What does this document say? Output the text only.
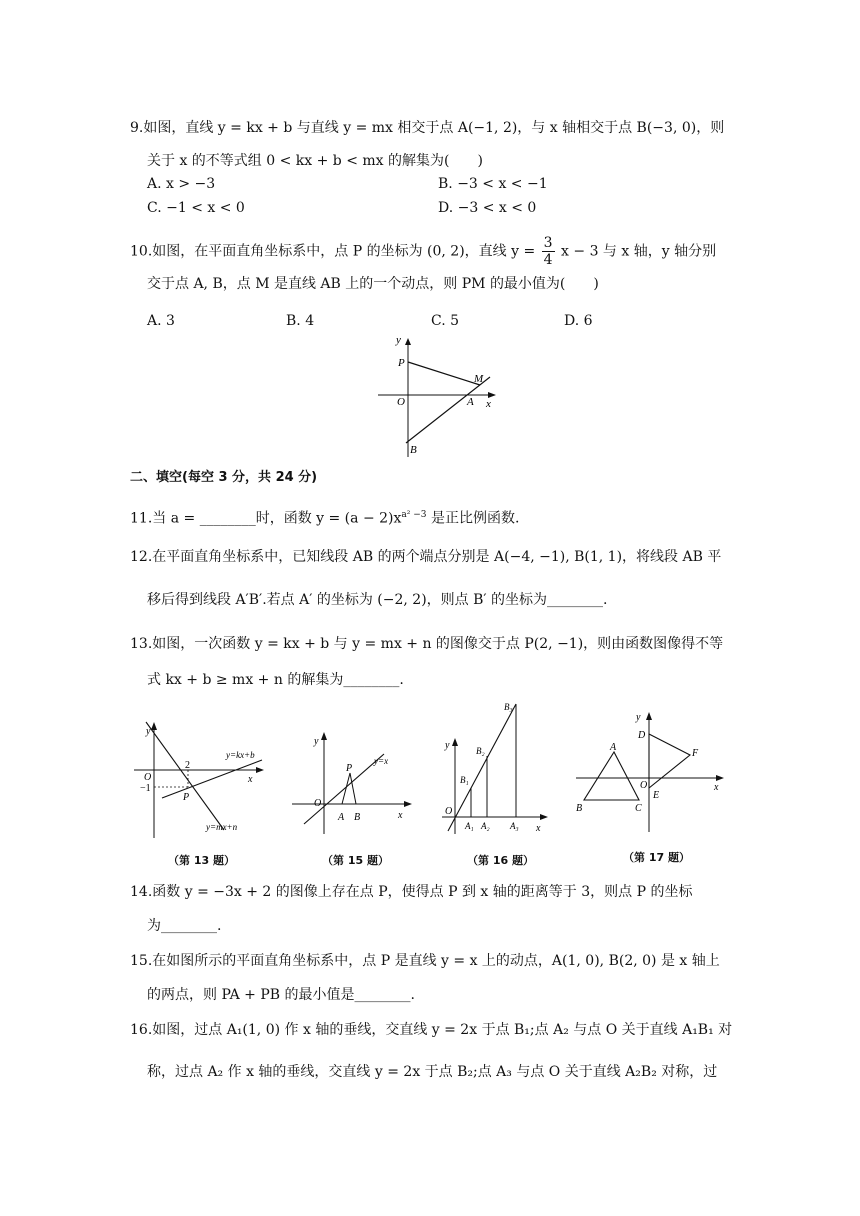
9.如图，直线 y = kx + b 与直线 y = mx 相交于点 A(−1, 2)，与 x 轴相交于点 B(−3, 0)，则
关于 x 的不等式组 0 < kx + b < mx 的解集为(　　)
A. x > −3	B. −3 < x < −1
C. −1 < x < 0	D. −3 < x < 0
10.如图，在平面直角坐标系中，点 P 的坐标为 (0, 2)，直线 $y = \frac{3}{4}$ x − 3 与 x 轴，y 轴分别
交于点 A, B，点 M 是直线 AB 上的一个动点，则 PM 的最小值为(　　)
A. 3	B. 4	C. 5	D. 6
y
x
P
M
O	A
B
二、填空(每空 3 分，共 24 分)
11.当 a = ________时，函数 $y = (a - 2)x^{a^2 -3}$ 是正比例函数.
12.在平面直角坐标系中，已知线段 AB 的两个端点分别是 A(−4, −1), B(1, 1)，将线段 AB 平
移后得到线段 A′B′.若点 A′ 的坐标为 (−2, 2)，则点 B′ 的坐标为________.
13.如图，一次函数 y = kx + b 与 y = mx + n 的图像交于点 P(2, −1)，则由函数图像得不等
式 kx + b ≥ mx + n 的解集为________.
y
x
O
2
−1
P
y=kx+b
y=mx+n
（第 13 题）
y
x
O
A B
P
y=x
（第 15 题）
y
x
O
A₁ A₂ A₃
B₁
B₂
B₃
（第 16 题）
y
x
A
B	C
D
E
F
O
（第 17 题）
14.函数 y = −3x + 2 的图像上存在点 P，使得点 P 到 x 轴的距离等于 3，则点 P 的坐标
为________.
15.在如图所示的平面直角坐标系中，点 P 是直线 y = x 上的动点，A(1, 0), B(2, 0) 是 x 轴上
的两点，则 PA + PB 的最小值是________.
16.如图，过点 A₁(1, 0) 作 x 轴的垂线，交直线 y = 2x 于点 B₁;点 A₂ 与点 O 关于直线 A₁B₁ 对
称，过点 A₂ 作 x 轴的垂线，交直线 y = 2x 于点 B₂;点 A₃ 与点 O 关于直线 A₂B₂ 对称，过
